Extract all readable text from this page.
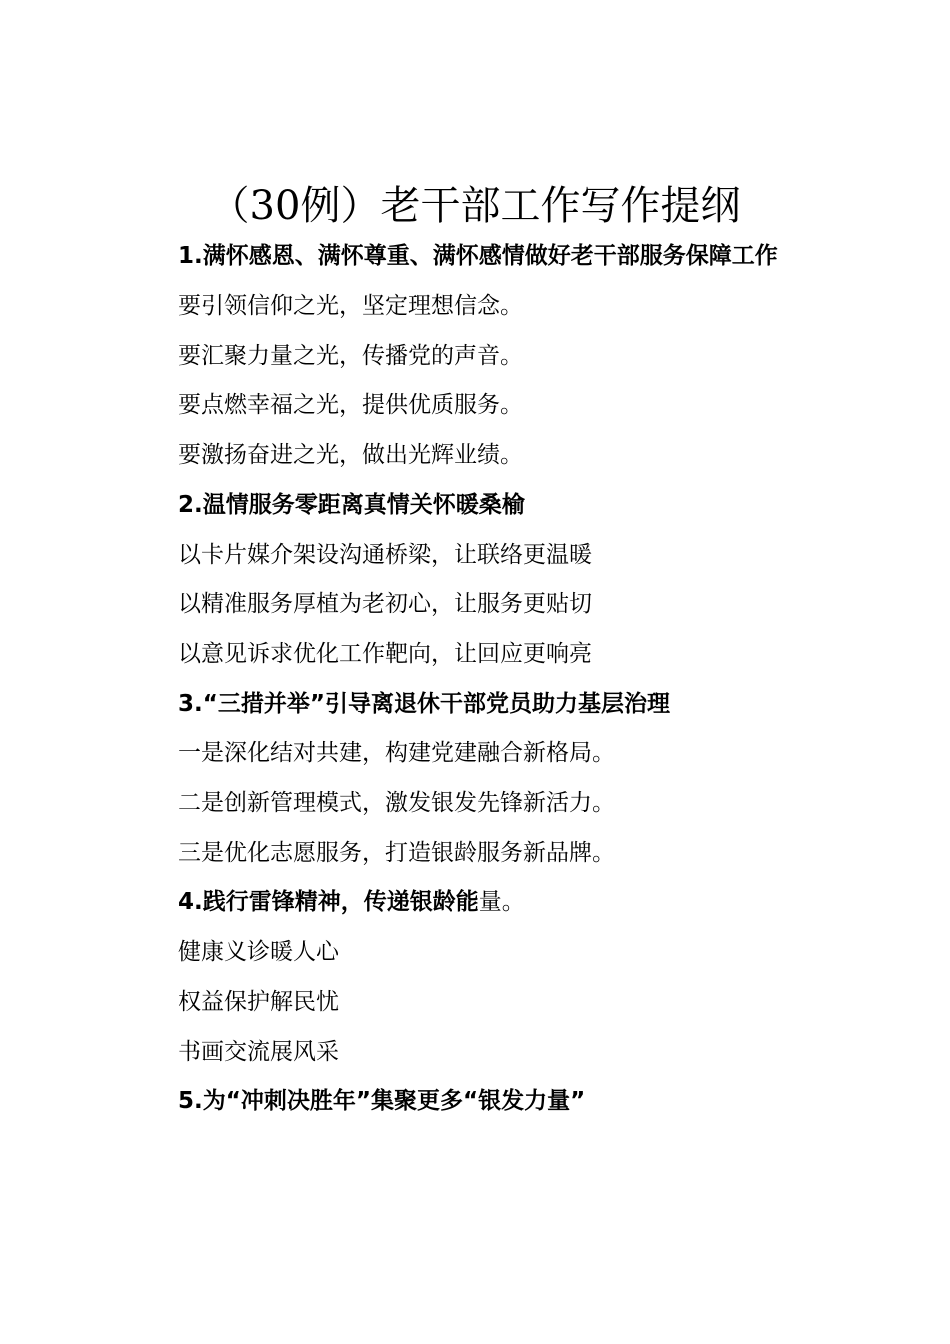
（30例）老干部工作写作提纲

1.满怀感恩、满怀尊重、满怀感情做好老干部服务保障工作

要引领信仰之光，坚定理想信念。

要汇聚力量之光，传播党的声音。

要点燃幸福之光，提供优质服务。

要激扬奋进之光，做出光辉业绩。

2.温情服务零距离真情关怀暖桑榆

以卡片媒介架设沟通桥梁，让联络更温暖

以精准服务厚植为老初心，让服务更贴切

以意见诉求优化工作靶向，让回应更响亮

3.“三措并举”引导离退休干部党员助力基层治理

一是深化结对共建，构建党建融合新格局。

二是创新管理模式，激发银发先锋新活力。

三是优化志愿服务，打造银龄服务新品牌。

4.践行雷锋精神，传递银龄能量。

健康义诊暖人心

权益保护解民忧

书画交流展风采

5.为“冲刺决胜年”集聚更多“银发力量”
